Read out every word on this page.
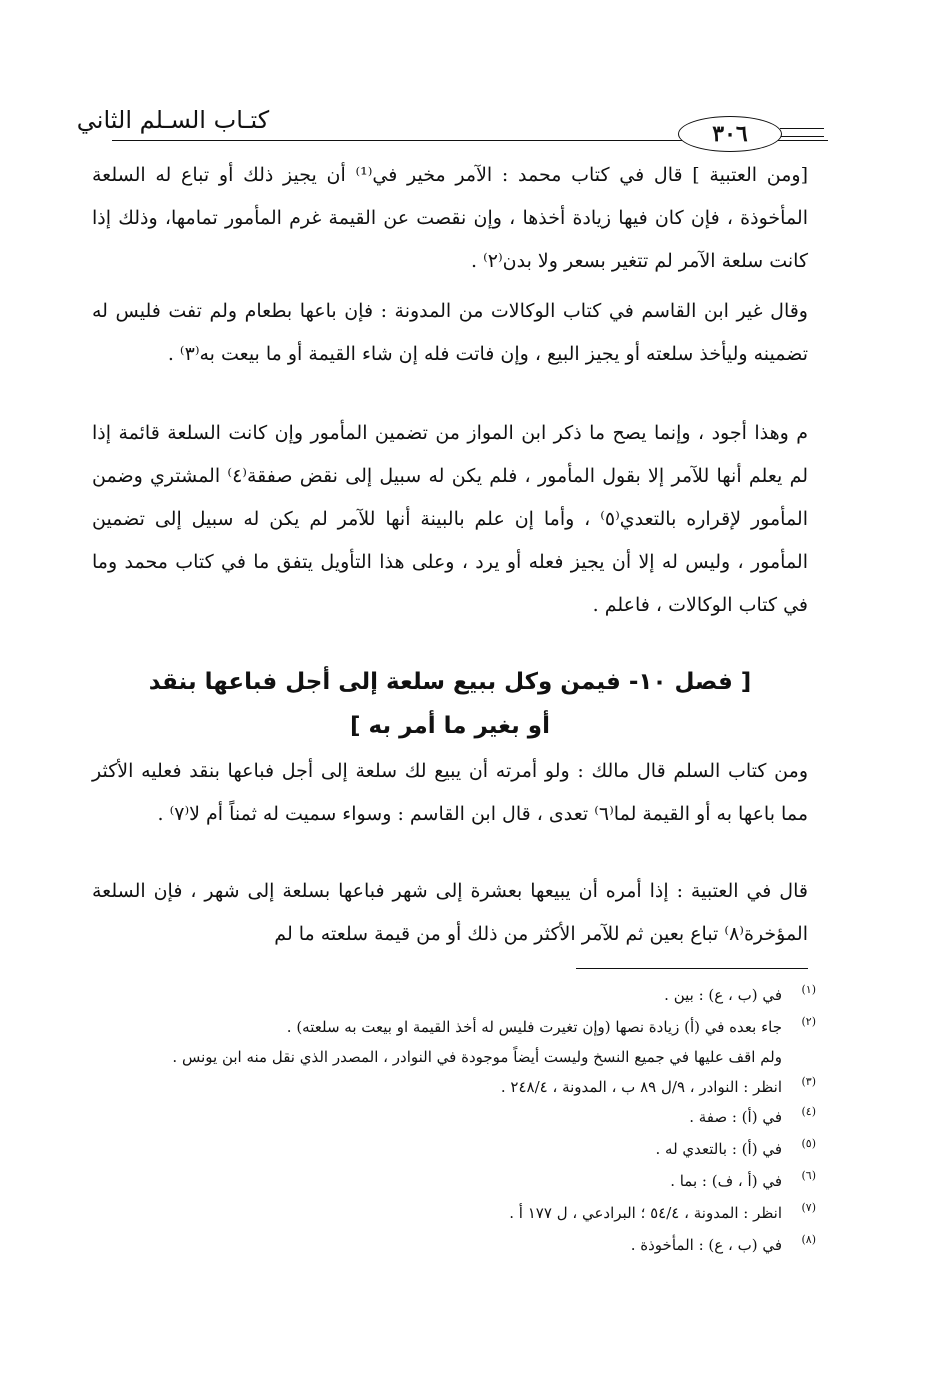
كتـاب السـلم الثاني	٣٠٦

[ومن العتبية ] قال في كتاب محمد : الآمر مخير في⁽¹⁾ أن يجيز ذلك أو تباع له السلعة المأخوذة ، فإن كان فيها زيادة أخذها ، وإن نقصت عن القيمة غرم المأمور تمامها، وذلك إذا كانت سلعة الآمر لم تتغير بسعر ولا بدن⁽٢⁾ .

وقال غير ابن القاسم في كتاب الوكالات من المدونة : فإن باعها بطعام ولم تفت فليس له تضمينه وليأخذ سلعته أو يجيز البيع ، وإن فاتت فله إن شاء القيمة أو ما بيعت به⁽٣⁾ .

م وهذا أجود ، وإنما يصح ما ذكر ابن المواز من تضمين المأمور وإن كانت السلعة قائمة إذا لم يعلم أنها للآمر إلا بقول المأمور ، فلم يكن له سبيل إلى نقض صفقة⁽٤⁾ المشتري وضمن المأمور لإقراره بالتعدي⁽٥⁾ ، وأما إن علم بالبينة أنها للآمر لم يكن له سبيل إلى تضمين المأمور ، وليس له إلا أن يجيز فعله أو يرد ، وعلى هذا التأويل يتفق ما في كتاب محمد وما في كتاب الوكالات ، فاعلم .

[ فصل ١٠- فيمن وكل ببيع سلعة إلى أجل فباعها بنقد
أو بغير ما أمر به ]

ومن كتاب السلم قال مالك : ولو أمرته أن يبيع لك سلعة إلى أجل فباعها بنقد فعليه الأكثر مما باعها به أو القيمة لما⁽٦⁾ تعدى ، قال ابن القاسم : وسواء سميت له ثمناً أم لا⁽٧⁾ .

قال في العتبية : إذا أمره أن يبيعها بعشرة إلى شهر فباعها بسلعة إلى شهر ، فإن السلعة المؤخرة⁽٨⁾ تباع بعين ثم للآمر الأكثر من ذلك أو من قيمة سلعته ما لم

(١)في (ب ، ع) : بين .
(٢)جاء بعده في (أ) زيادة نصها (وإن تغيرت فليس له أخذ القيمة او بيعت به سلعته) .
ولم اقف عليها في جميع النسخ وليست أيضاً موجودة في النوادر ، المصدر الذي نقل منه ابن يونس .
(٣)انظر : النوادر ، ٩/ل ٨٩ ب ، المدونة ، ٢٤٨/٤ .
(٤)في (أ) : صفة .
(٥)في (أ) : بالتعدي له .
(٦)في (أ ، ف) : بما .
(٧)انظر : المدونة ، ٥٤/٤ ؛ البرادعي ، ل ١٧٧ أ .
(٨)في (ب ، ع) : المأخوذة .
